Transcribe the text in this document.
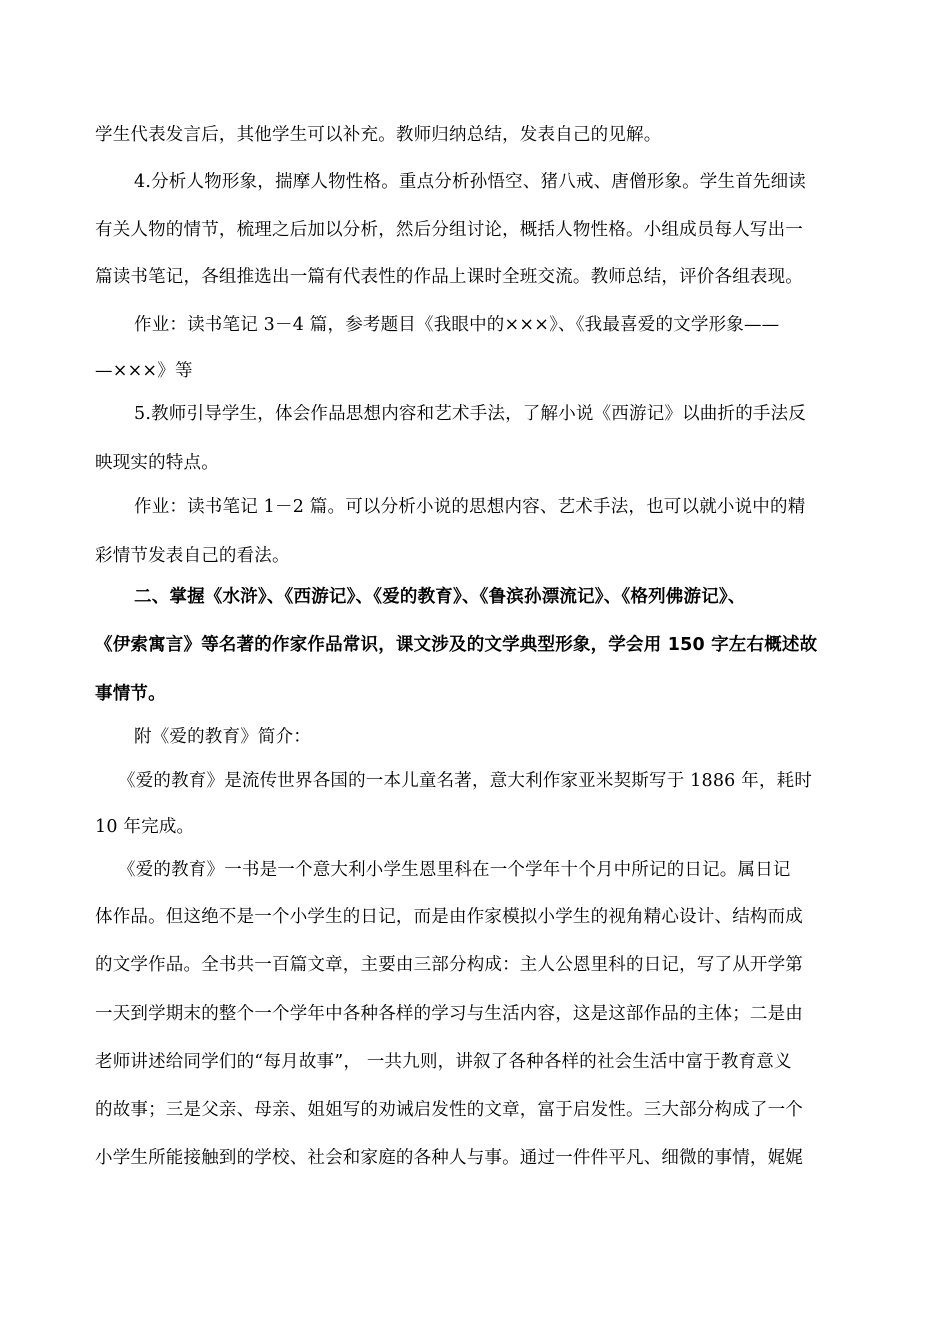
学生代表发言后，其他学生可以补充。教师归纳总结，发表自己的见解。
4.分析人物形象，揣摩人物性格。重点分析孙悟空、猪八戒、唐僧形象。学生首先细读
有关人物的情节，梳理之后加以分析，然后分组讨论，概括人物性格。小组成员每人写出一
篇读书笔记，各组推选出一篇有代表性的作品上课时全班交流。教师总结，评价各组表现。
作业：读书笔记 3－4 篇，参考题目《我眼中的×××》、《我最喜爱的文学形象——
—×××》等
5.教师引导学生，体会作品思想内容和艺术手法，了解小说《西游记》以曲折的手法反
映现实的特点。
作业：读书笔记 1－2 篇。可以分析小说的思想内容、艺术手法，也可以就小说中的精
彩情节发表自己的看法。
二、掌握《水浒》、《西游记》、《爱的教育》、《鲁滨孙漂流记》、《格列佛游记》、
《伊索寓言》等名著的作家作品常识，课文涉及的文学典型形象，学会用 150 字左右概述故
事情节。
附《爱的教育》简介：
《爱的教育》是流传世界各国的一本儿童名著，意大利作家亚米契斯写于 1886 年，耗时
10 年完成。
《爱的教育》一书是一个意大利小学生恩里科在一个学年十个月中所记的日记。属日记
体作品。但这绝不是一个小学生的日记，而是由作家模拟小学生的视角精心设计、结构而成
的文学作品。全书共一百篇文章，主要由三部分构成：主人公恩里科的日记，写了从开学第
一天到学期末的整个一个学年中各种各样的学习与生活内容，这是这部作品的主体；二是由
老师讲述给同学们的“每月故事”， 一共九则，讲叙了各种各样的社会生活中富于教育意义
的故事；三是父亲、母亲、姐姐写的劝诫启发性的文章，富于启发性。三大部分构成了一个
小学生所能接触到的学校、社会和家庭的各种人与事。通过一件件平凡、细微的事情，娓娓
